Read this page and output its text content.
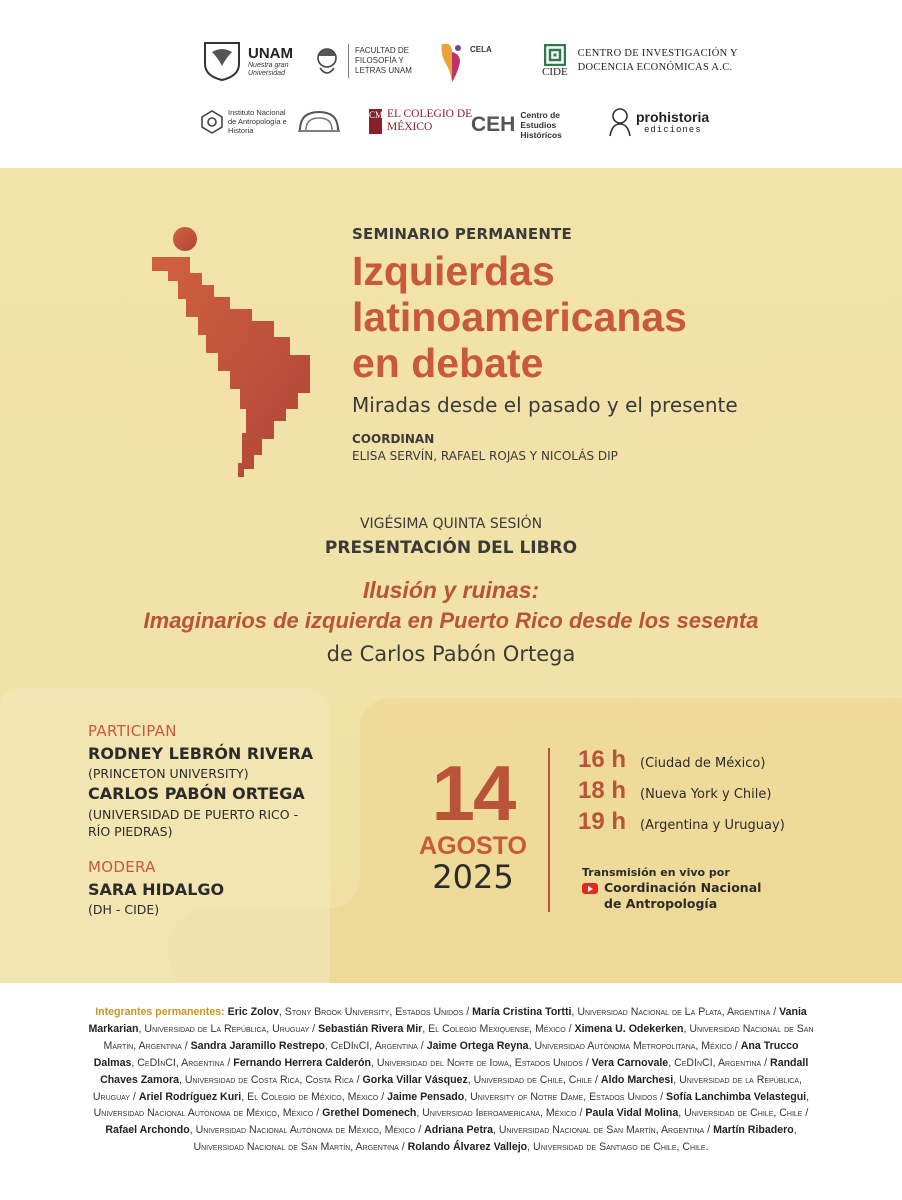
UNAM
Nuestra gran Universidad
FACULTAD DE FILOSOFÍA Y LETRAS UNAM
CELA
CIDE
CENTRO DE INVESTIGACIÓN Y DOCENCIA ECONÓMICAS A.C.
Instituto Nacional de Antropología e Historia
CM EL COLEGIO DE MÉXICO	CEH Centro de Estudios Históricos
prohistoria
ediciones
SEMINARIO PERMANENTE
Izquierdas
latinoamericanas
en debate
Miradas desde el pasado y el presente
COORDINAN
ELISA SERVÍN, RAFAEL ROJAS Y NICOLÁS DIP
VIGÉSIMA QUINTA SESIÓN
PRESENTACIÓN DEL LIBRO
Ilusión y ruinas:
Imaginarios de izquierda en Puerto Rico desde los sesenta
de Carlos Pabón Ortega
PARTICIPAN
RODNEY LEBRÓN RIVERA
(PRINCETON UNIVERSITY)
CARLOS PABÓN ORTEGA
(UNIVERSIDAD DE PUERTO RICO -
RÍO PIEDRAS)
MODERA
SARA HIDALGO
(DH - CIDE)
14
AGOSTO
2025
16 h	(Ciudad de México)
18 h	(Nueva York y Chile)
19 h	(Argentina y Uruguay)
Transmisión en vivo por
Coordinación Nacional
de Antropología
Integrantes permanentes: Eric Zolov, Stony Brook University, Estados Unidos / María Cristina Tortti, Universidad Nacional de La Plata, Argentina / Vania Markarian, Universidad de La República, Uruguay / Sebastián Rivera Mir, El Colegio Mexiquense, México / Ximena U. Odekerken, Universidad Nacional de San Martín, Argentina / Sandra Jaramillo Restrepo, CeDInCI, Argentina / Jaime Ortega Reyna, Universidad Autónoma Metropolitana, México / Ana Trucco Dalmas, CeDInCI, Argentina / Fernando Herrera Calderón, Universidad del Norte de Iowa, Estados Unidos / Vera Carnovale, CeDInCI, Argentina / Randall Chaves Zamora, Universidad de Costa Rica, Costa Rica / Gorka Villar Vásquez, Universidad de Chile, Chile / Aldo Marchesi, Universidad de la República, Uruguay / Ariel Rodríguez Kuri, El Colegio de México, México / Jaime Pensado, University of Notre Dame, Estados Unidos / Sofía Lanchimba Velastegui, Universidad Nacional Autónoma de México, México / Grethel Domenech, Universidad Iberoamericana, México / Paula Vidal Molina, Universidad de Chile, Chile / Rafael Archondo, Universidad Nacional Autónoma de México, México / Adriana Petra, Universidad Nacional de San Martín, Argentina / Martín Ribadero, Universidad Nacional de San Martín, Argentina / Rolando Álvarez Vallejo, Universidad de Santiago de Chile, Chile.
